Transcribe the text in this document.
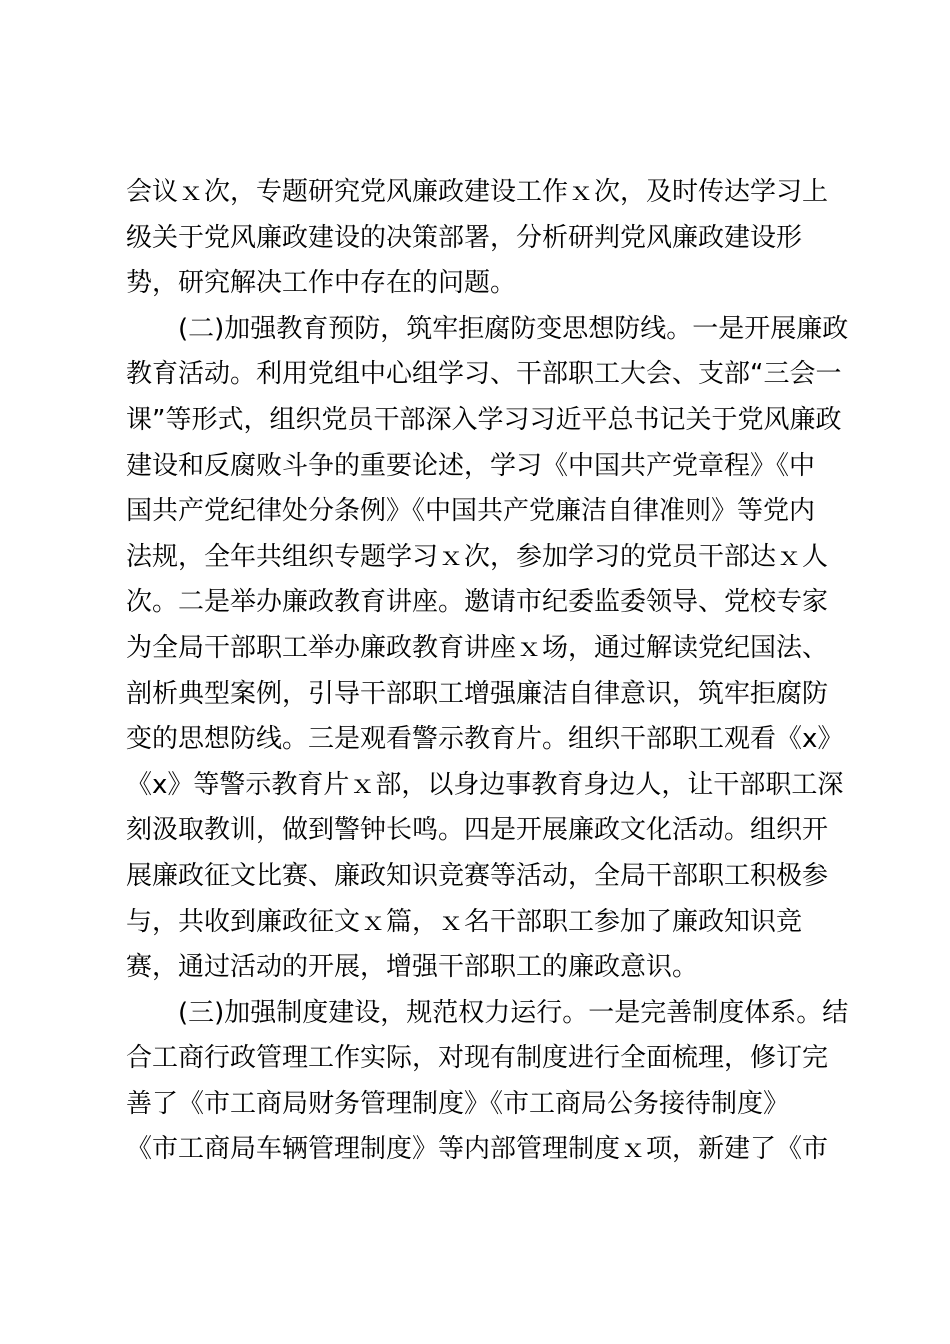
会议ｘ次，专题研究党风廉政建设工作ｘ次，及时传达学习上
级关于党风廉政建设的决策部署，分析研判党风廉政建设形
势，研究解决工作中存在的问题。

(二)加强教育预防，筑牢拒腐防变思想防线。一是开展廉政
教育活动。利用党组中心组学习、干部职工大会、支部“三会一
课”等形式，组织党员干部深入学习习近平总书记关于党风廉政
建设和反腐败斗争的重要论述，学习《中国共产党章程》《中
国共产党纪律处分条例》《中国共产党廉洁自律准则》等党内
法规，全年共组织专题学习ｘ次，参加学习的党员干部达ｘ人
次。二是举办廉政教育讲座。邀请市纪委监委领导、党校专家
为全局干部职工举办廉政教育讲座ｘ场，通过解读党纪国法、
剖析典型案例，引导干部职工增强廉洁自律意识，筑牢拒腐防
变的思想防线。三是观看警示教育片。组织干部职工观看《x》
《x》等警示教育片ｘ部，以身边事教育身边人，让干部职工深
刻汲取教训，做到警钟长鸣。四是开展廉政文化活动。组织开
展廉政征文比赛、廉政知识竞赛等活动，全局干部职工积极参
与，共收到廉政征文ｘ篇，ｘ名干部职工参加了廉政知识竞
赛，通过活动的开展，增强干部职工的廉政意识。

(三)加强制度建设，规范权力运行。一是完善制度体系。结
合工商行政管理工作实际，对现有制度进行全面梳理，修订完
善了《市工商局财务管理制度》《市工商局公务接待制度》
《市工商局车辆管理制度》等内部管理制度ｘ项，新建了《市
